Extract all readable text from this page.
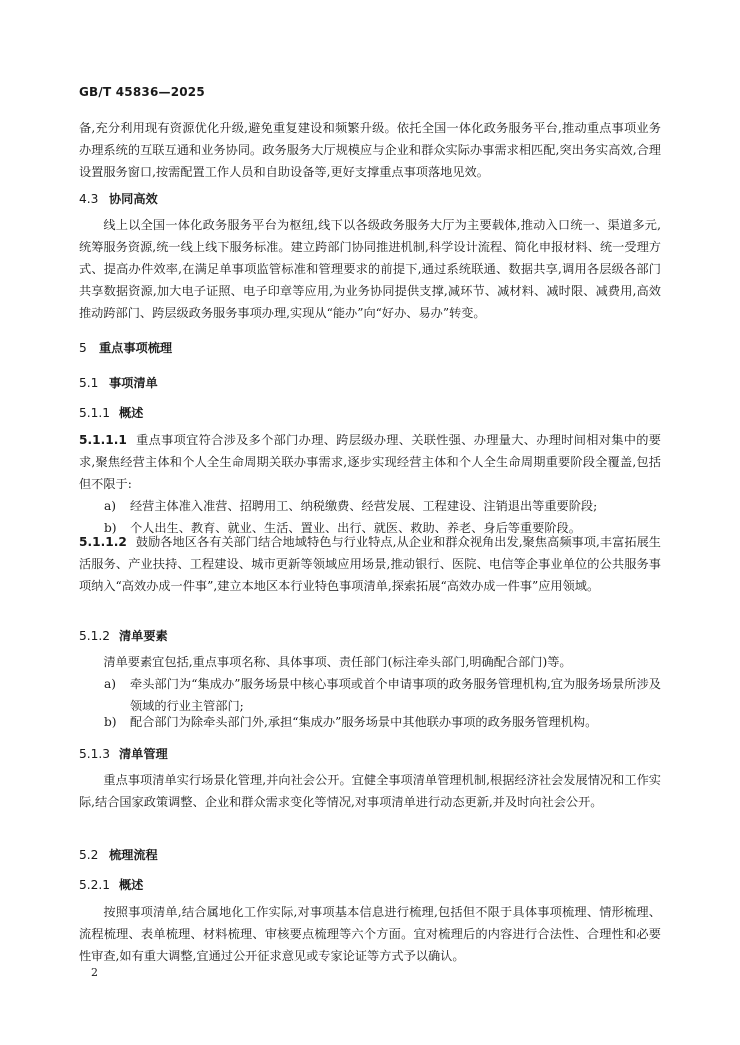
GB/T 45836—2025
备,充分利用现有资源优化升级,避免重复建设和频繁升级。依托全国一体化政务服务平台,推动重点事项业务办理系统的互联互通和业务协同。政务服务大厅规模应与企业和群众实际办事需求相匹配,突出务实高效,合理设置服务窗口,按需配置工作人员和自助设备等,更好支撑重点事项落地见效。
4.3 协同高效
线上以全国一体化政务服务平台为枢纽,线下以各级政务服务大厅为主要载体,推动入口统一、渠道多元,统筹服务资源,统一线上线下服务标准。建立跨部门协同推进机制,科学设计流程、简化申报材料、统一受理方式、提高办件效率,在满足单事项监管标准和管理要求的前提下,通过系统联通、数据共享,调用各层级各部门共享数据资源,加大电子证照、电子印章等应用,为业务协同提供支撑,减环节、减材料、减时限、减费用,高效推动跨部门、跨层级政务服务事项办理,实现从“能办”向“好办、易办”转变。
5 重点事项梳理
5.1 事项清单
5.1.1 概述
5.1.1.1 重点事项宜符合涉及多个部门办理、跨层级办理、关联性强、办理量大、办理时间相对集中的要求,聚焦经营主体和个人全生命周期关联办事需求,逐步实现经营主体和个人全生命周期重要阶段全覆盖,包括但不限于:
a)	经营主体准入准营、招聘用工、纳税缴费、经营发展、工程建设、注销退出等重要阶段;
b)	个人出生、教育、就业、生活、置业、出行、就医、救助、养老、身后等重要阶段。
5.1.1.2 鼓励各地区各有关部门结合地域特色与行业特点,从企业和群众视角出发,聚焦高频事项,丰富拓展生活服务、产业扶持、工程建设、城市更新等领域应用场景,推动银行、医院、电信等企事业单位的公共服务事项纳入“高效办成一件事”,建立本地区本行业特色事项清单,探索拓展“高效办成一件事”应用领域。
5.1.2 清单要素
清单要素宜包括,重点事项名称、具体事项、责任部门(标注牵头部门,明确配合部门)等。
a)	牵头部门为“集成办”服务场景中核心事项或首个申请事项的政务服务管理机构,宜为服务场景所涉及领域的行业主管部门;
b)	配合部门为除牵头部门外,承担“集成办”服务场景中其他联办事项的政务服务管理机构。
5.1.3 清单管理
重点事项清单实行场景化管理,并向社会公开。宜健全事项清单管理机制,根据经济社会发展情况和工作实际,结合国家政策调整、企业和群众需求变化等情况,对事项清单进行动态更新,并及时向社会公开。
5.2 梳理流程
5.2.1 概述
按照事项清单,结合属地化工作实际,对事项基本信息进行梳理,包括但不限于具体事项梳理、情形梳理、流程梳理、表单梳理、材料梳理、审核要点梳理等六个方面。宜对梳理后的内容进行合法性、合理性和必要性审查,如有重大调整,宜通过公开征求意见或专家论证等方式予以确认。
2
